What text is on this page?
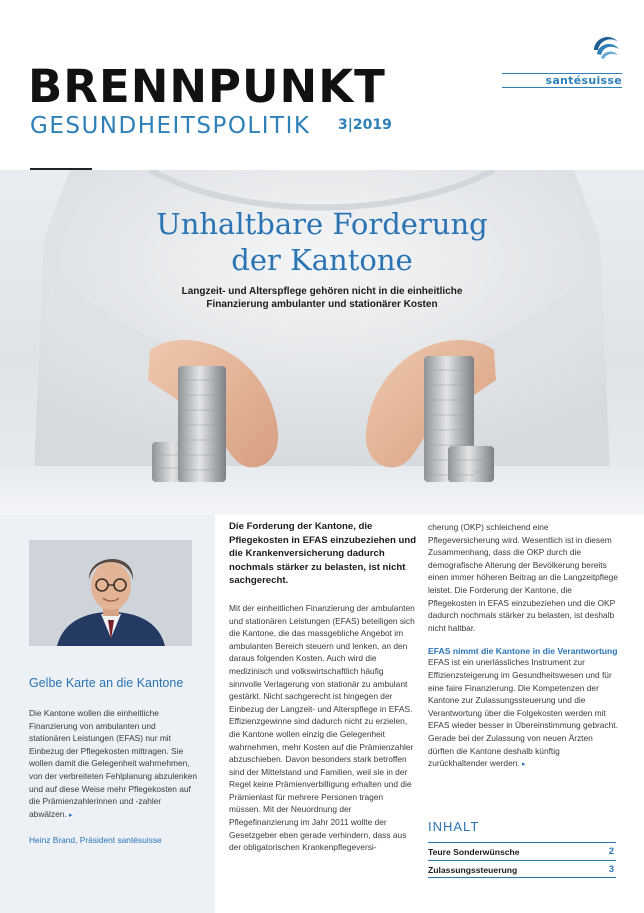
BRENNPUNKT
GESUNDHEITSPOLITIK 3|2019
santésuisse
Unhaltbare Forderung
der Kantone
Langzeit- und Alterspflege gehören nicht in die einheitliche
Finanzierung ambulanter und stationärer Kosten
Gelbe Karte an die Kantone
Die Kantone wollen die einheitliche Finanzierung von ambulanten und stationären Leistungen (EFAS) nur mit Einbezug der Pflegekosten mittragen. Sie wollen damit die Gelegenheit wahrnehmen, von der verbreiteten Fehlplanung abzulenken und auf diese Weise mehr Pflegekosten auf die Prämienzahlerinnen und -zahler abwälzen. ▸
Heinz Brand, Präsident santésuisse

Die Forderung der Kantone, die Pflegekosten in EFAS einzubeziehen und die Krankenversicherung dadurch nochmals stärker zu belasten, ist nicht sachgerecht.

Mit der einheitlichen Finanzierung der ambulanten und stationären Leistungen (EFAS) beteiligen sich die Kantone, die das massgebliche Angebot im ambulanten Bereich steuern und lenken, an den daraus folgenden Kosten. Auch wird die medizinisch und volkswirtschaftlich häufig sinnvolle Verlagerung von stationär zu ambulant gestärkt. Nicht sachgerecht ist hingegen der Einbezug der Langzeit- und Alterspflege in EFAS. Effizienzgewinne sind dadurch nicht zu erzielen, die Kantone wollen einzig die Gelegenheit wahrnehmen, mehr Kosten auf die Prämienzahler abzuschieben. Davon besonders stark betroffen sind der Mittelstand und Familien, weil sie in der Regel keine Prämienverbilligung erhalten und die Prämienlast für mehrere Personen tragen müssen. Mit der Neuordnung der Pflegefinanzierung im Jahr 2011 wollte der Gesetzgeber eben gerade verhindern, dass aus der obligatorischen Krankenpflegeversi-

cherung (OKP) schleichend eine Pflegeversicherung wird. Wesentlich ist in diesem Zusammenhang, dass die OKP durch die demografische Alterung der Bevölkerung bereits einen immer höheren Beitrag an die Langzeitpflege leistet. Die Forderung der Kantone, die Pflegekosten in EFAS einzubeziehen und die OKP dadurch nochmals stärker zu belasten, ist deshalb nicht haltbar.

EFAS nimmt die Kantone in die Verantwortung

EFAS ist ein unerlässliches Instrument zur Effizienzsteigerung im Gesundheitswesen und für eine faire Finanzierung. Die Kompetenzen der Kantone zur Zulassungssteuerung und die Verantwortung über die Folgekosten werden mit EFAS wieder besser in Übereinstimmung gebracht. Gerade bei der Zulassung von neuen Ärzten dürften die Kantone deshalb künftig zurückhaltender werden. ▸

INHALT
Teure Sonderwünsche	2
Zulassungssteuerung	3
